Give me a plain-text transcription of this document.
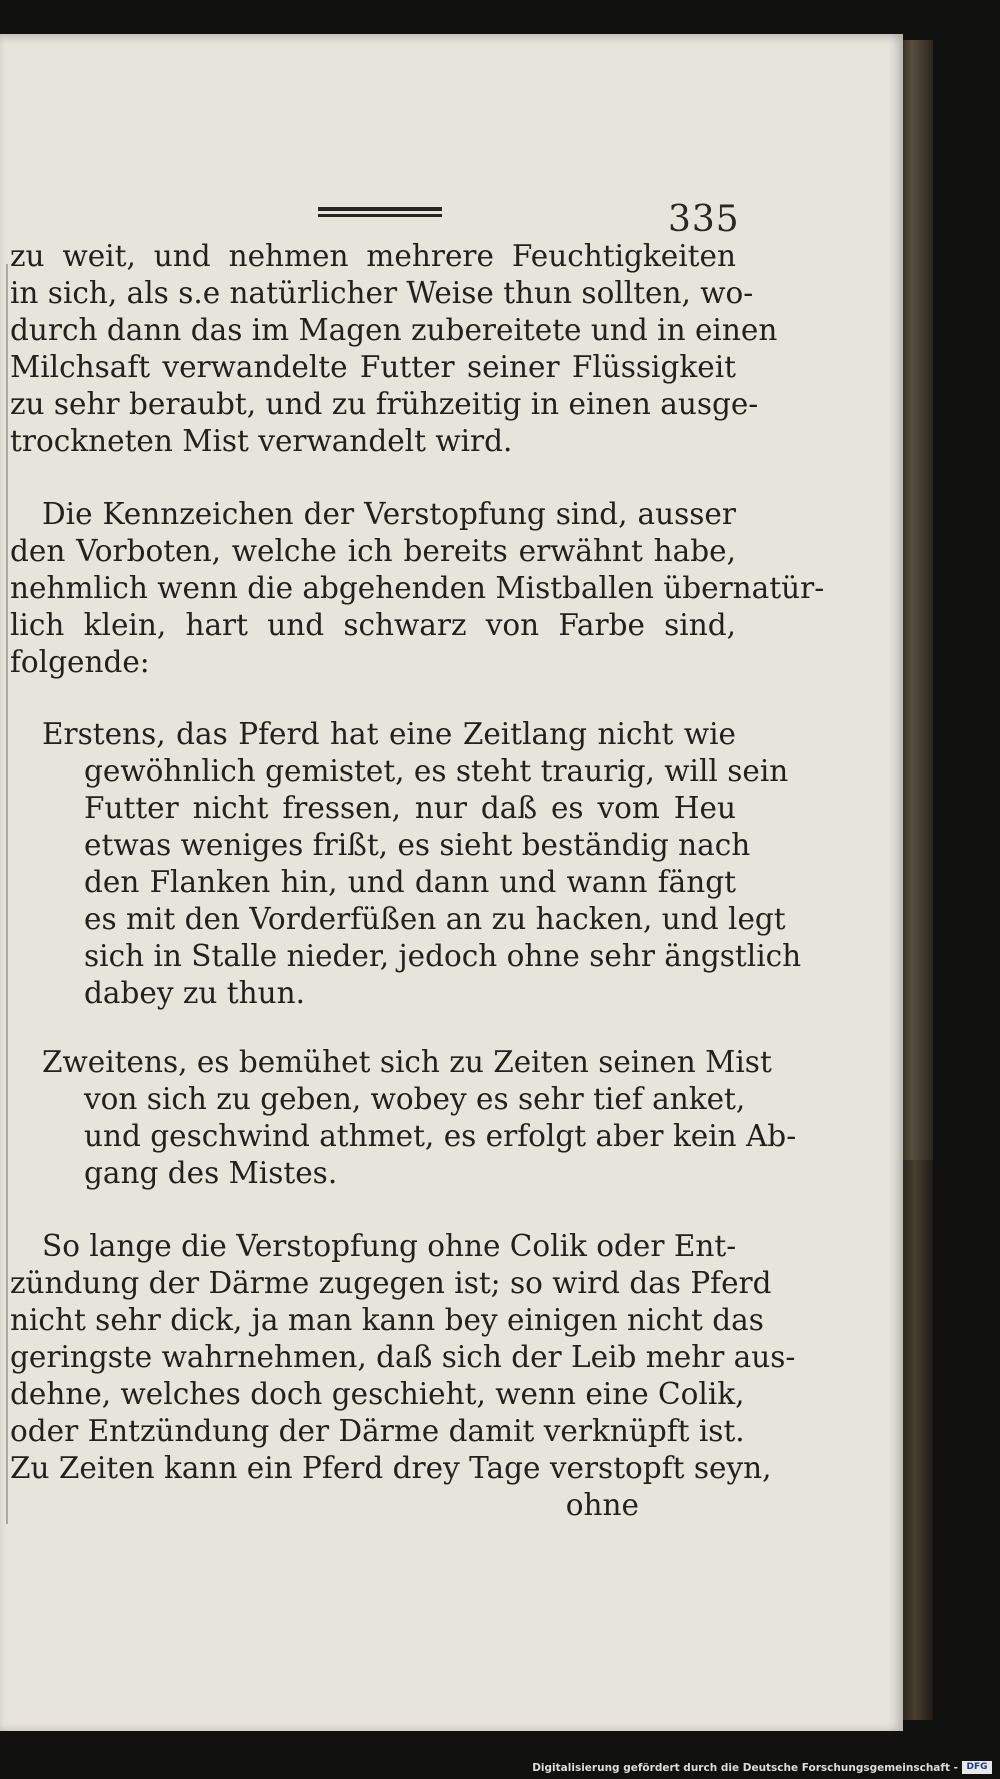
335
zu weit, und nehmen mehrere Feuchtigkeiten
in sich, als s.e natürlicher Weise thun sollten, wo-
durch dann das im Magen zubereitete und in einen
Milchsaft verwandelte Futter seiner Flüssigkeit
zu sehr beraubt, und zu frühzeitig in einen ausge-
trockneten Mist verwandelt wird.
Die Kennzeichen der Verstopfung sind, ausser
den Vorboten, welche ich bereits erwähnt habe,
nehmlich wenn die abgehenden Mistballen übernatür-
lich klein, hart und schwarz von Farbe sind,
folgende:
Erstens, das Pferd hat eine Zeitlang nicht wie
gewöhnlich gemistet, es steht traurig, will sein
Futter nicht fressen, nur daß es vom Heu
etwas weniges frißt, es sieht beständig nach
den Flanken hin, und dann und wann fängt
es mit den Vorderfüßen an zu hacken, und legt
sich in Stalle nieder, jedoch ohne sehr ängstlich
dabey zu thun.
Zweitens, es bemühet sich zu Zeiten seinen Mist
von sich zu geben, wobey es sehr tief anket,
und geschwind athmet, es erfolgt aber kein Ab-
gang des Mistes.
So lange die Verstopfung ohne Colik oder Ent-
zündung der Därme zugegen ist; so wird das Pferd
nicht sehr dick, ja man kann bey einigen nicht das
geringste wahrnehmen, daß sich der Leib mehr aus-
dehne, welches doch geschieht, wenn eine Colik,
oder Entzündung der Därme damit verknüpft ist.
Zu Zeiten kann ein Pferd drey Tage verstopft seyn,
ohne
Digitalisierung gefördert durch die Deutsche Forschungsgemeinschaft - DFG
